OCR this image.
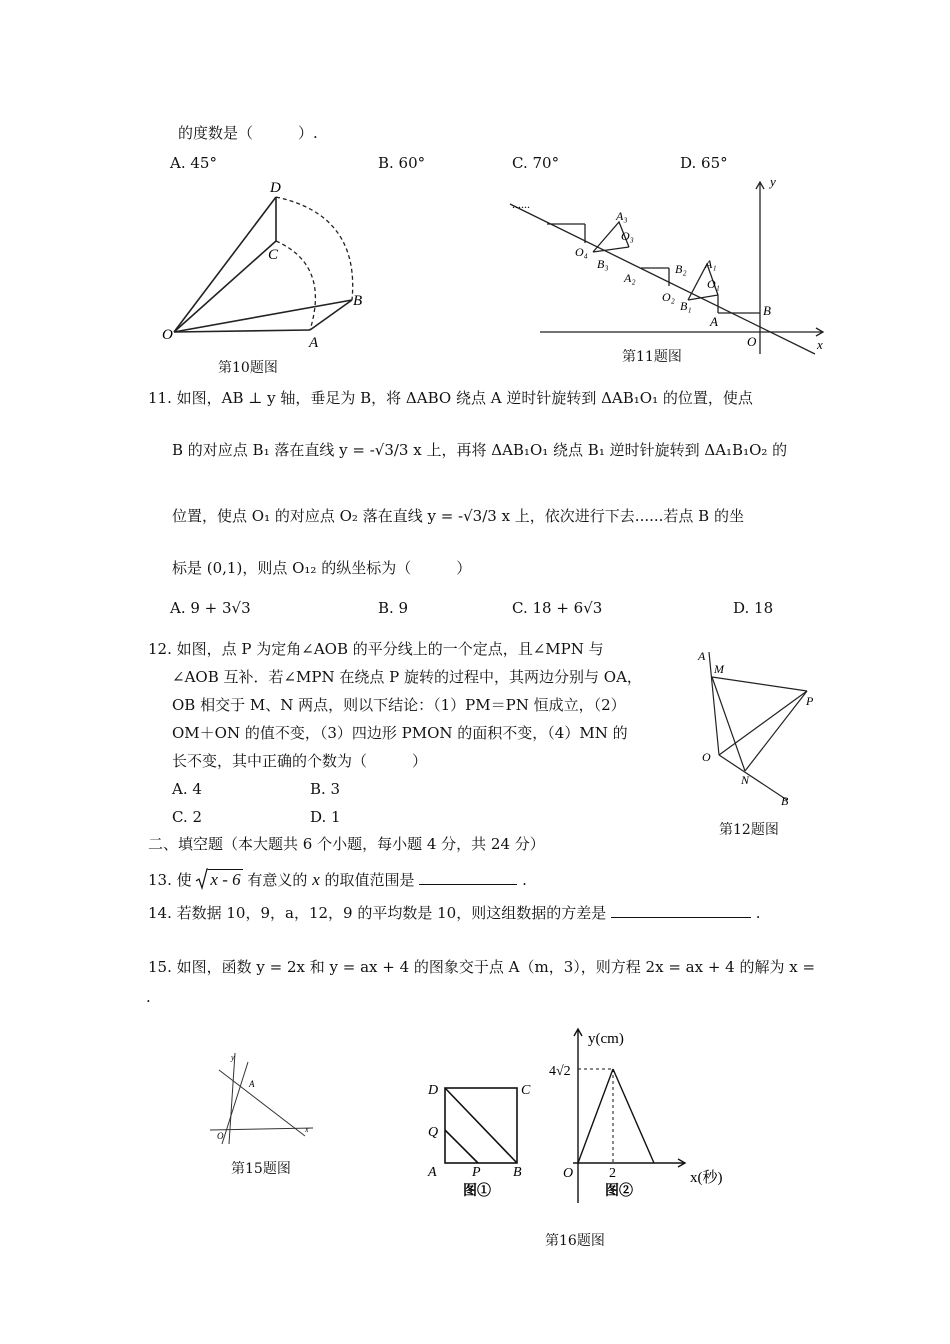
的度数是（　　　）.
A. 45°	B. 60°	C. 70°	D. 65°
D
C
B
O	A
第10题图
......
y
x
O
A
B
O₁
A₁
B₁
O₂
B₂
A₂
B₃
O₄
O₃
A₃
第11题图
11. 如图，AB ⊥ y 轴，垂足为 B，将 ΔABO 绕点 A 逆时针旋转到 ΔAB₁O₁ 的位置，使点
B 的对应点 B₁ 落在直线 y = -√3/3 x 上，再将 ΔAB₁O₁ 绕点 B₁ 逆时针旋转到 ΔA₁B₁O₂ 的
位置，使点 O₁ 的对应点 O₂ 落在直线 y = -√3/3 x 上，依次进行下去......若点 B 的坐
标是 (0,1)，则点 O₁₂ 的纵坐标为（　　　）
A. 9 + 3√3	B. 9	C. 18 + 6√3	D. 18
12. 如图，点 P 为定角∠AOB 的平分线上的一个定点，且∠MPN 与
∠AOB 互补．若∠MPN 在绕点 P 旋转的过程中，其两边分别与 OA，
OB 相交于 M、N 两点，则以下结论：（1）PM＝PN 恒成立，（2）
OM＋ON 的值不变，（3）四边形 PMON 的面积不变，（4）MN 的
长不变，其中正确的个数为（　　　）
A. 4	B. 3
C. 2	D. 1
A
M
P
O
N
B
第12题图
二、填空题（本大题共 6 个小题，每小题 4 分，共 24 分）
13. 使 x - 6 有意义的 x 的取值范围是	.
14. 若数据 10，9，a，12，9 的平均数是 10，则这组数据的方差是	.
15. 如图，函数 y = 2x 和 y = ax + 4 的图象交于点 A（m，3），则方程 2x = ax + 4 的解为 x =
.
y
A
O
x
第15题图
D	C
Q
A	P B
图①
y(cm)
4√2
O	2	x(秒)
图②
第16题图
